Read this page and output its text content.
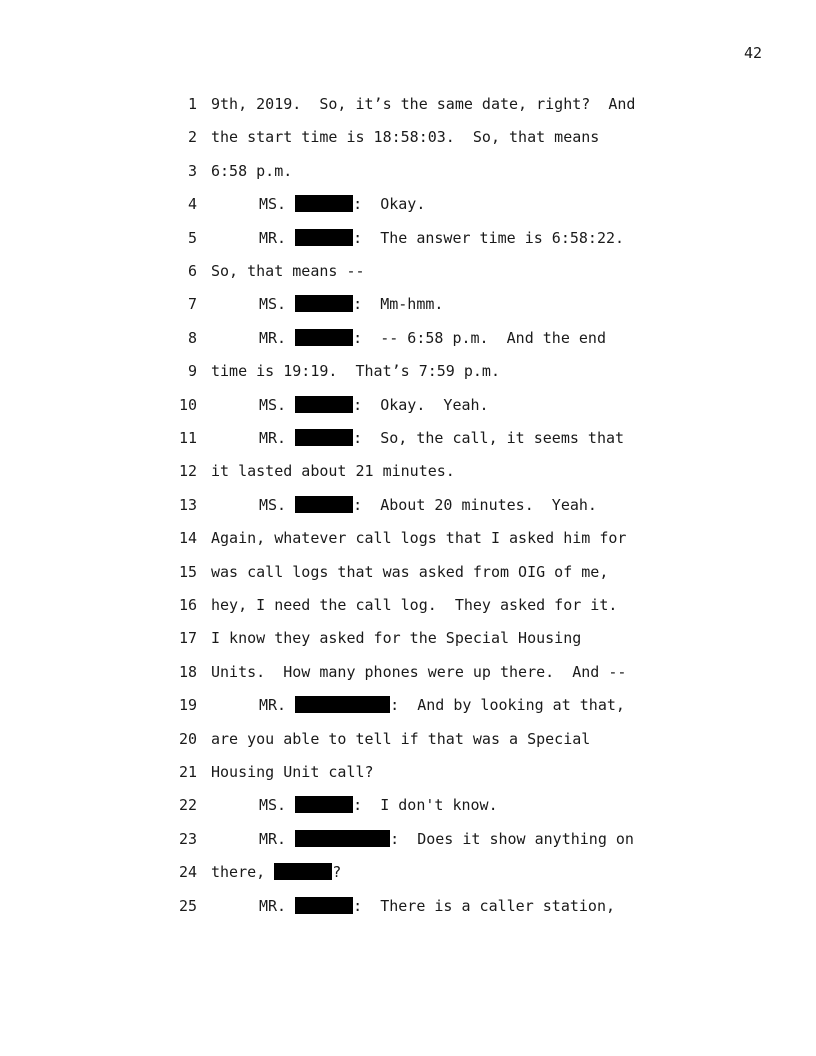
42
1 9th, 2019.  So, it’s the same date, right?  And
2 the start time is 18:58:03.  So, that means
3 6:58 p.m.
4	MS.	:  Okay.
5	MR.	:  The answer time is 6:58:22.
6 So, that means --
7	MS.	:  Mm-hmm.
8	MR.	:  -- 6:58 p.m.  And the end
9 time is 19:19.  That’s 7:59 p.m.
10	MS.	:  Okay.  Yeah.
11	MR.	:  So, the call, it seems that
12 it lasted about 21 minutes.
13	MS.	:  About 20 minutes.  Yeah.
14 Again, whatever call logs that I asked him for
15 was call logs that was asked from OIG of me,
16 hey, I need the call log.  They asked for it.
17 I know they asked for the Special Housing
18 Units.  How many phones were up there.  And --
19	MR.	:  And by looking at that,
20 are you able to tell if that was a Special
21 Housing Unit call?
22	MS.	:  I don't know.
23	MR.	:  Does it show anything on
24 there,	?
25	MR.	:  There is a caller station,
